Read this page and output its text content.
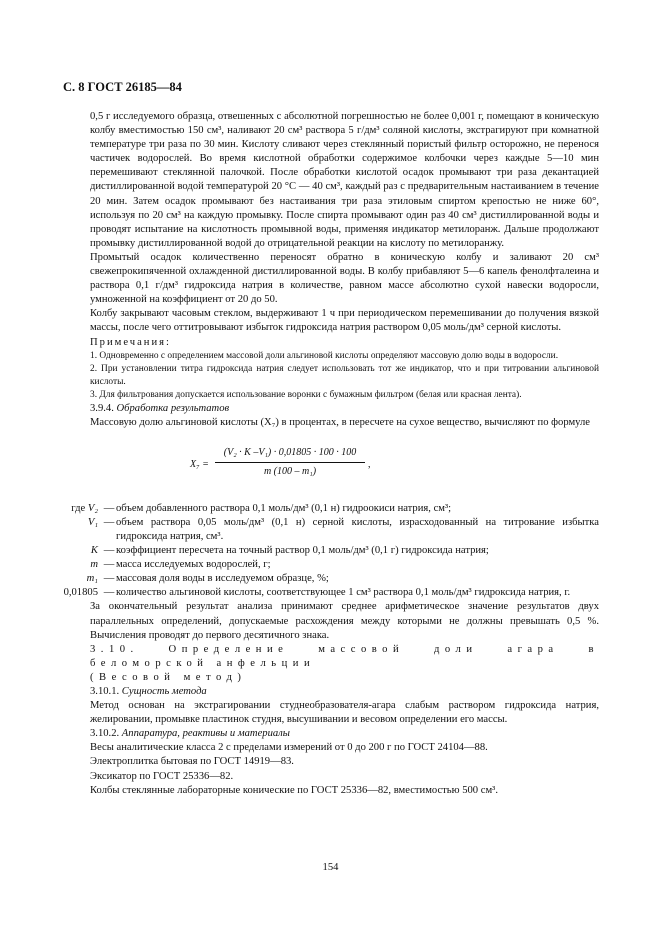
С. 8 ГОСТ 26185—84

0,5 г исследуемого образца, отвешенных с абсолютной погрешностью не более 0,001 г, помещают в коническую колбу вместимостью 150 см³, наливают 20 см³ раствора 5 г/дм³ соляной кислоты, экстрагируют при комнатной температуре три раза по 30 мин. Кислоту сливают через стеклянный пористый фильтр осторожно, не перенося частичек водорослей. Во время кислотной обработки содержимое колбочки через каждые 5—10 мин перемешивают стеклянной палочкой. После обработки кислотой осадок промывают три раза декантацией дистиллированной водой температурой 20 °С — 40 см³, каждый раз с предварительным настаиванием в течение 20 мин. Затем осадок промывают без настаивания три раза этиловым спиртом крепостью не ниже 60°, используя по 20 см³ на каждую промывку. После спирта промывают один раз 40 см³ дистиллированной воды и проводят испытание на кислотность промывной воды, применяя индикатор метилоранж. Дальше продолжают промывку дистиллированной водой до отрицательной реакции на кислоту по метилоранжу.

Промытый осадок количественно переносят обратно в коническую колбу и заливают 20 см³ свежепрокипяченной охлажденной дистиллированной воды. В колбу прибавляют 5—6 капель фенолфталеина и раствора 0,1 г/дм³ гидроксида натрия в количестве, равном массе абсолютно сухой навески водоросли, умноженной на коэффициент от 20 до 50.

Колбу закрывают часовым стеклом, выдерживают 1 ч при периодическом перемешивании до получения вязкой массы, после чего оттитровывают избыток гидроксида натрия раствором 0,05 моль/дм³ серной кислоты.

Примечания:

1. Одновременно с определением массовой доли альгиновой кислоты определяют массовую долю воды в водоросли.

2. При установлении титра гидроксида натрия следует использовать тот же индикатор, что и при титровании альгиновой кислоты.

3. Для фильтрования допускается использование воронки с бумажным фильтром (белая или красная лента).

3.9.4. Обработка результатов

Массовую долю альгиновой кислоты (X₇) в процентах, в пересчете на сухое вещество, вычисляют по формуле

$X_7 = \frac{\text{(V₂ · K –V₁) · 0,01805 · 100 · 100}}{\text{m (100 – m₁)}}$ ,
где V₂ — объем добавленного раствора 0,1 моль/дм³ (0,1 н) гидроокиси натрия, см³;
V₁ — объем раствора 0,05 моль/дм³ (0,1 н) серной кислоты, израсходованный на титрование избытка гидроксида натрия, см³.
K — коэффициент пересчета на точный раствор 0,1 моль/дм³ (0,1 г) гидроксида натрия;
m — масса исследуемых водорослей, г;
m₁ — массовая доля воды в исследуемом образце, %;
0,01805 — количество альгиновой кислоты, соответствующее 1 см³ раствора 0,1 моль/дм³ гидроксида натрия, г.

За окончательный результат анализа принимают среднее арифметическое значение результатов двух параллельных определений, допускаемые расхождения между которыми не должны превышать 0,5 %. Вычисления проводят до первого десятичного знака.

3.10. Определение массовой доли агара в беломорской анфельции

(Весовой метод)

3.10.1. Сущность метода

Метод основан на экстрагировании студнеобразователя-агара слабым раствором гидроксида натрия, желировании, промывке пластинок студня, высушивании и весовом определении его массы.

3.10.2. Аппаратура, реактивы и материалы

Весы аналитические класса 2 с пределами измерений от 0 до 200 г по ГОСТ 24104—88.

Электроплитка бытовая по ГОСТ 14919—83.

Эксикатор по ГОСТ 25336—82.

Колбы стеклянные лабораторные конические по ГОСТ 25336—82, вместимостью 500 см³.

154
